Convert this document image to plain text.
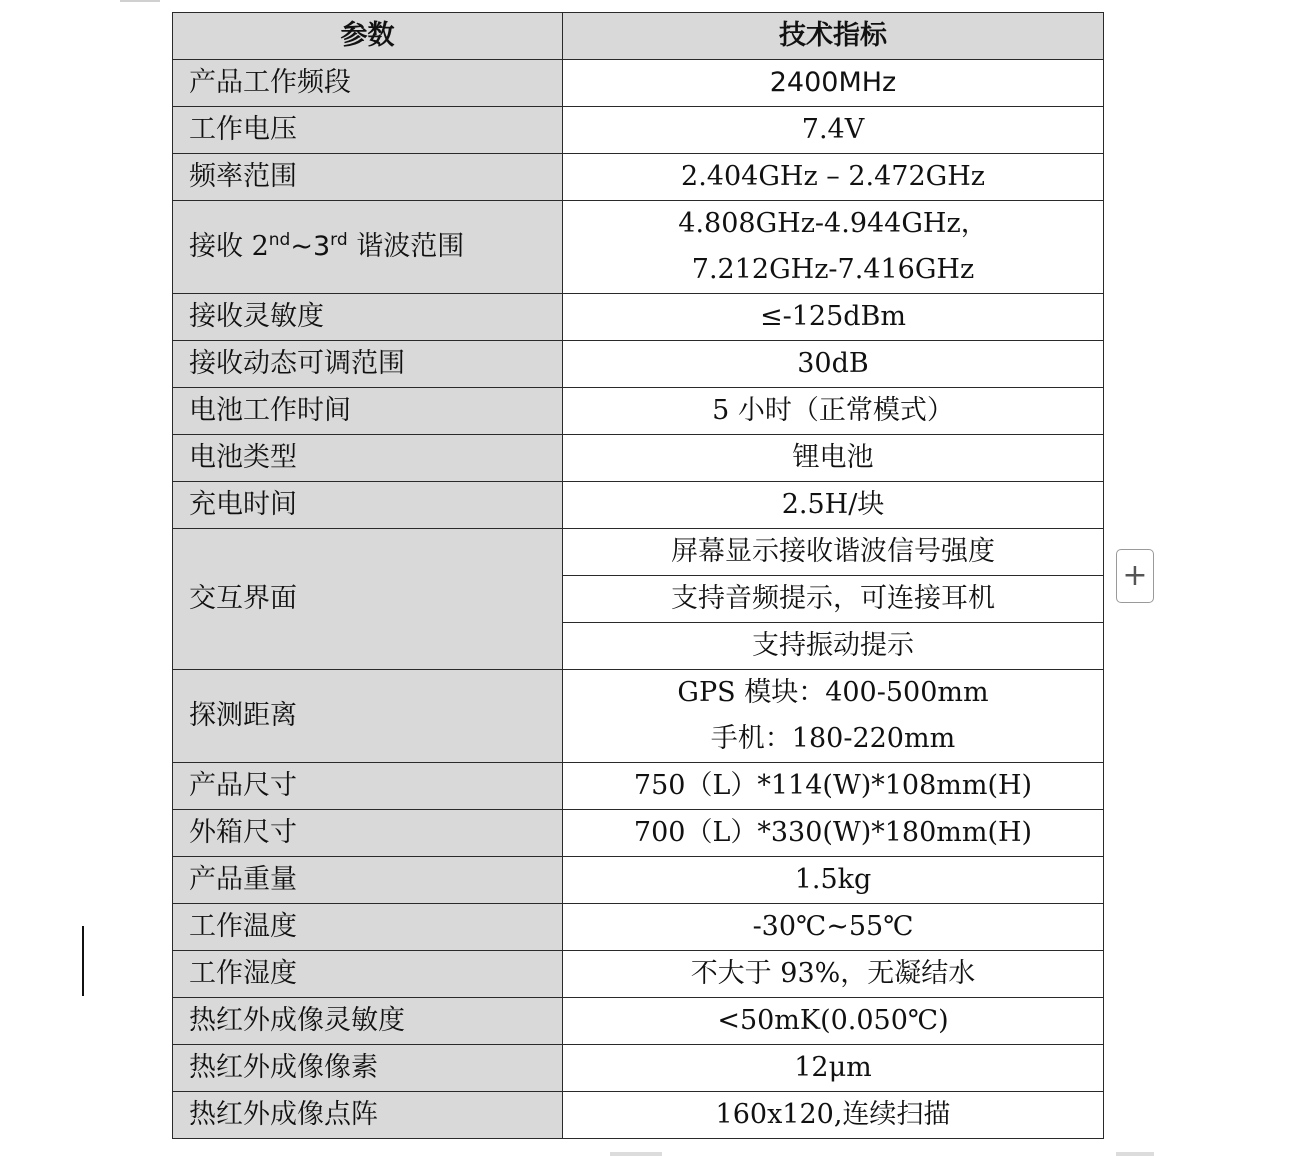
参数	技术指标
产品工作频段	2400MHz
工作电压	7.4V
频率范围	2.404GHz – 2.472GHz
接收 2nd~3rd 谐波范围	4.808GHz-4.944GHz，
7.212GHz-7.416GHz

接收灵敏度	≤-125dBm
接收动态可调范围	30dB
电池工作时间	5 小时（正常模式）
电池类型	锂电池
充电时间	2.5H/块
交互界面	屏幕显示接收谐波信号强度
	支持音频提示，可连接耳机
	支持振动提示
探测距离	GPS 模块：400-500mm
手机：180-220mm

产品尺寸	750（L）*114(W)*108mm(H)
外箱尺寸	700（L）*330(W)*180mm(H)
产品重量	1.5kg
工作温度	-30℃~55℃
工作湿度	不大于 93%，无凝结水
热红外成像灵敏度	<50mK(0.050℃)
热红外成像像素	12μm
热红外成像点阵	160x120,连续扫描
+
